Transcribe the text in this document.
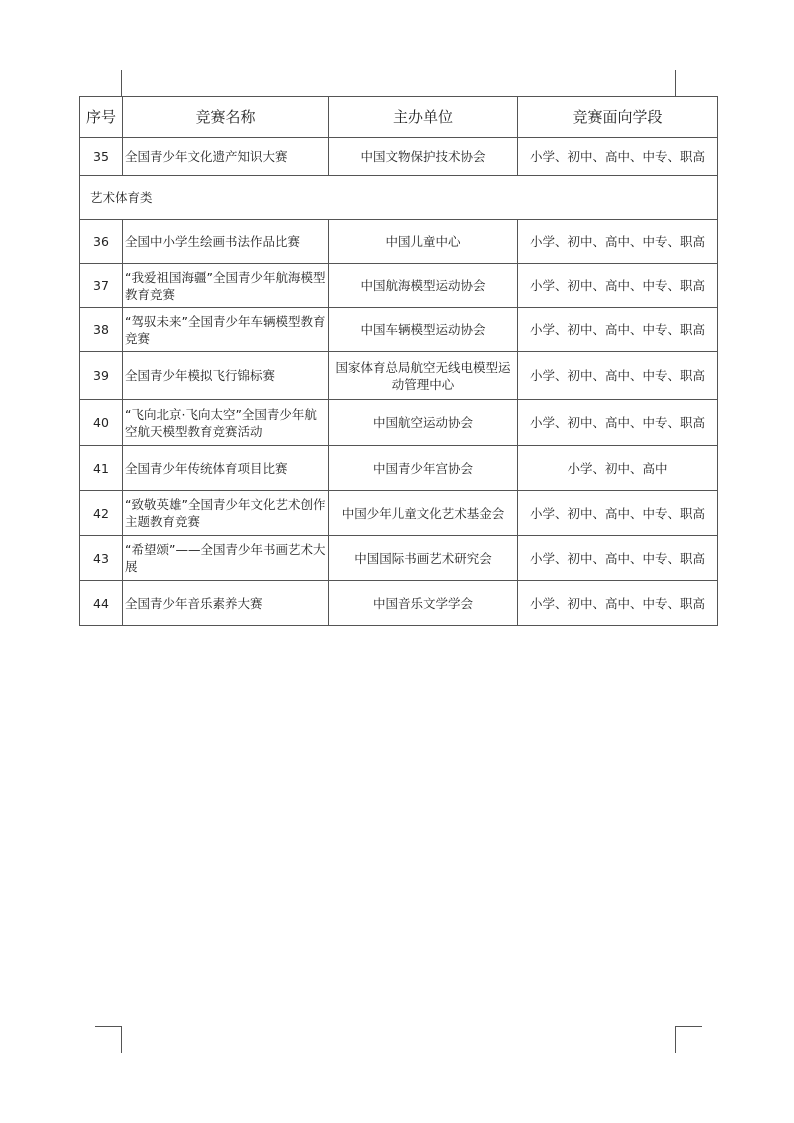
序号	竞赛名称	主办单位	竞赛面向学段
35	全国青少年文化遗产知识大赛	中国文物保护技术协会	小学、初中、高中、中专、职高
艺术体育类			
36	全国中小学生绘画书法作品比赛	中国儿童中心	小学、初中、高中、中专、职高
37	“我爱祖国海疆”全国青少年航海模型教育竞赛	中国航海模型运动协会	小学、初中、高中、中专、职高
38	“驾驭未来”全国青少年车辆模型教育竞赛	中国车辆模型运动协会	小学、初中、高中、中专、职高
39	全国青少年模拟飞行锦标赛	国家体育总局航空无线电模型运动管理中心	小学、初中、高中、中专、职高
40	“飞向北京·飞向太空”全国青少年航空航天模型教育竞赛活动	中国航空运动协会	小学、初中、高中、中专、职高
41	全国青少年传统体育项目比赛	中国青少年宫协会	小学、初中、高中
42	“致敬英雄”全国青少年文化艺术创作主题教育竞赛	中国少年儿童文化艺术基金会	小学、初中、高中、中专、职高
43	“希望颂”——全国青少年书画艺术大展	中国国际书画艺术研究会	小学、初中、高中、中专、职高
44	全国青少年音乐素养大赛	中国音乐文学学会	小学、初中、高中、中专、职高
